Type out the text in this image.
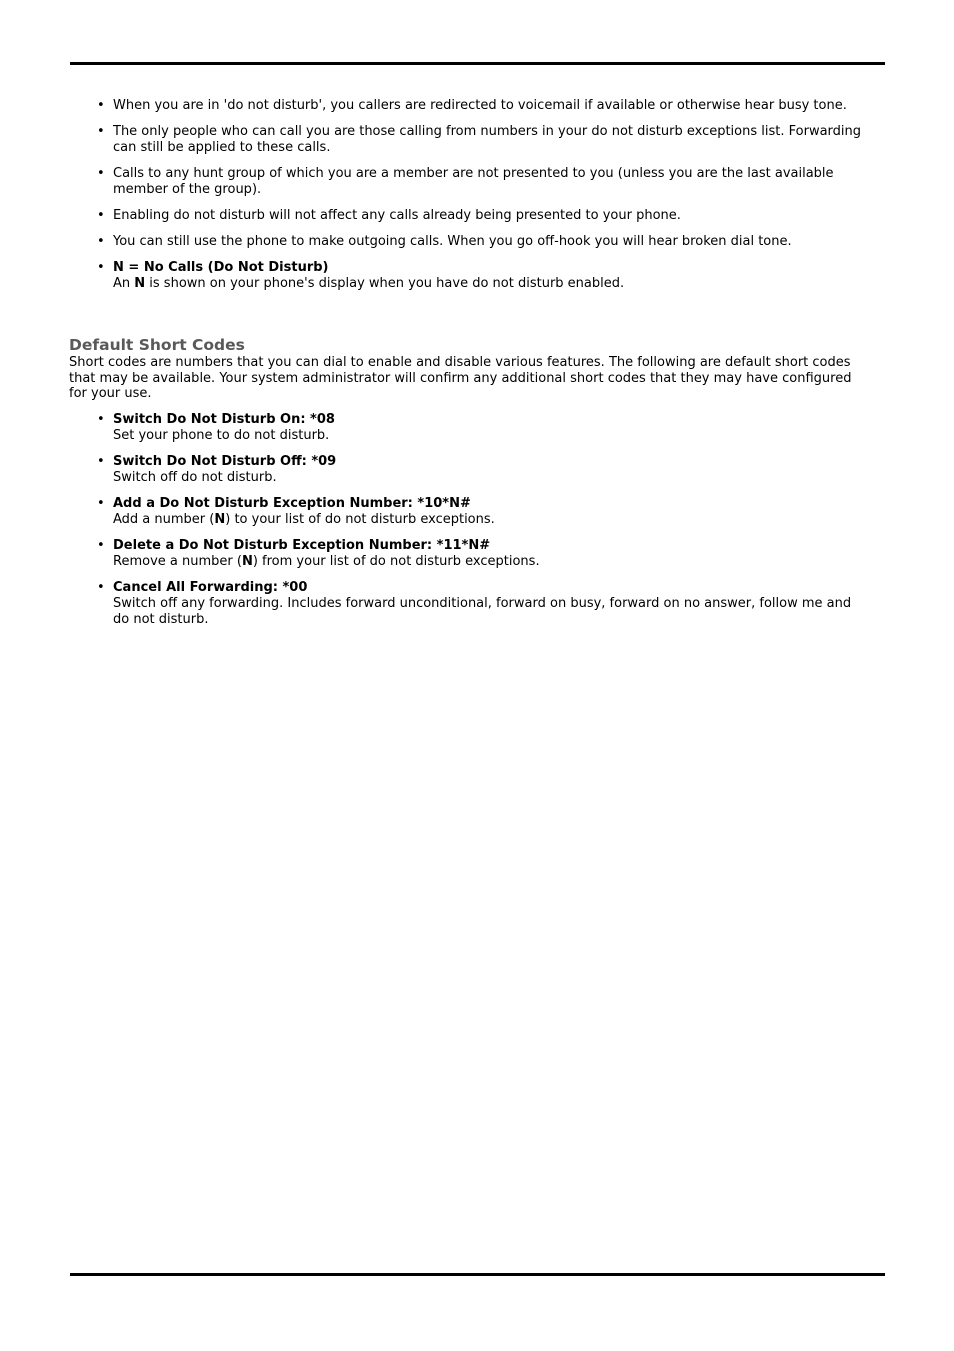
• When you are in 'do not disturb', you callers are redirected to voicemail if available or otherwise hear busy tone.
• The only people who can call you are those calling from numbers in your do not disturb exceptions list. Forwarding can still be applied to these calls.
• Calls to any hunt group of which you are a member are not presented to you (unless you are the last available member of the group).
• Enabling do not disturb will not affect any calls already being presented to your phone.
• You can still use the phone to make outgoing calls. When you go off-hook you will hear broken dial tone.
• N = No Calls (Do Not Disturb)
An N is shown on your phone's display when you have do not disturb enabled.
Default Short Codes

Short codes are numbers that you can dial to enable and disable various features. The following are default short codes that may be available. Your system administrator will confirm any additional short codes that they may have configured for your use.

• Switch Do Not Disturb On: *08
Set your phone to do not disturb.
• Switch Do Not Disturb Off: *09
Switch off do not disturb.
• Add a Do Not Disturb Exception Number: *10*N#
Add a number (N) to your list of do not disturb exceptions.
• Delete a Do Not Disturb Exception Number: *11*N#
Remove a number (N) from your list of do not disturb exceptions.
• Cancel All Forwarding: *00
Switch off any forwarding. Includes forward unconditional, forward on busy, forward on no answer, follow me and do not disturb.
